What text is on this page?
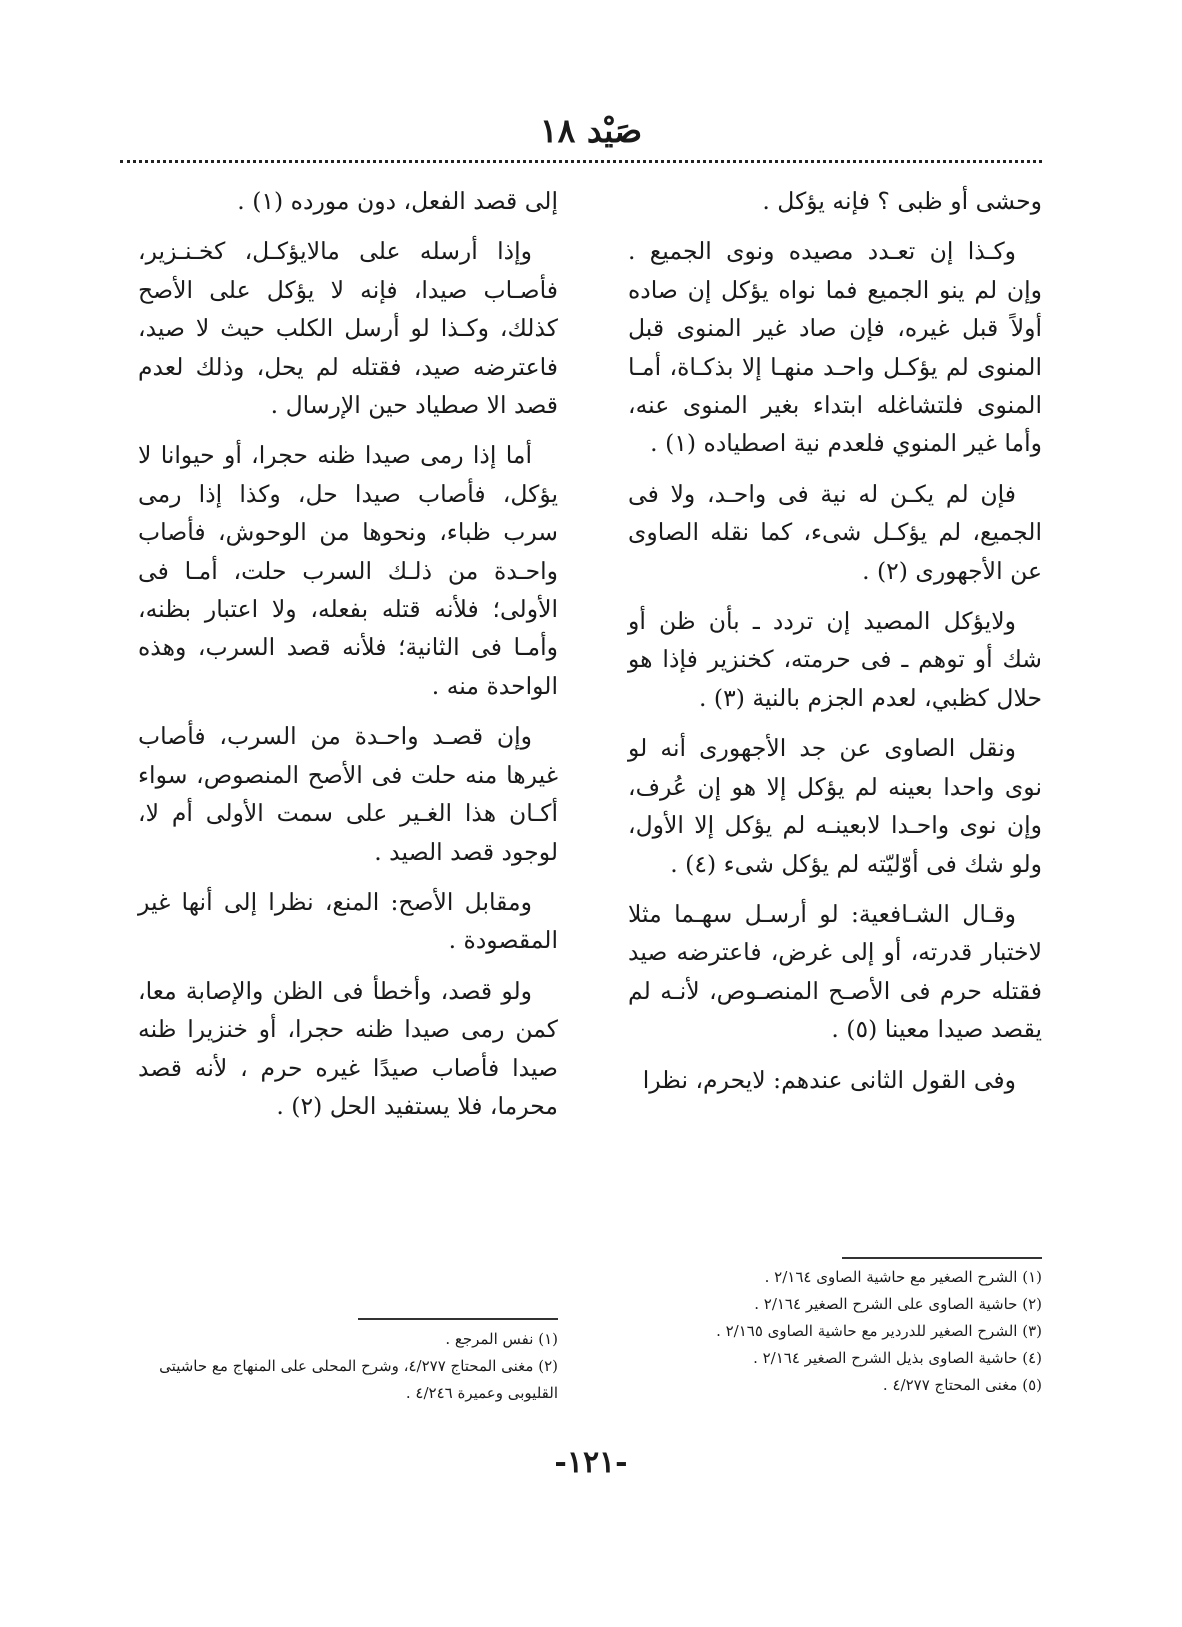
صَيْد ١٨

وحشى أو ظبى ؟ فإنه يؤكل .

وكـذا إن تعـدد مصيده ونوى الجميع . وإن لم ينو الجميع فما نواه يؤكل إن صاده أولاً قبل غيره، فإن صاد غير المنوى قبل المنوى لم يؤكـل واحـد منهـا إلا بذكـاة، أمـا المنوى فلتشاغله ابتداء بغير المنوى عنه، وأما غير المنوي فلعدم نية اصطياده (١) .

فإن لم يكـن له نية فى واحـد، ولا فى الجميع، لم يؤكـل شىء، كما نقله الصاوى عن الأجهورى (٢) .

ولايؤكل المصيد إن تردد ـ بأن ظن أو شك أو توهم ـ فى حرمته، كخنزير فإذا هو حلال كظبي، لعدم الجزم بالنية (٣) .

ونقل الصاوى عن جد الأجهورى أنه لو نوى واحدا بعينه لم يؤكل إلا هو إن عُرف، وإن نوى واحـدا لابعينـه لم يؤكل إلا الأول، ولو شك فى أوّليّته لم يؤكل شىء (٤) .

وقـال الشـافعية: لو أرسـل سهـما مثلا لاختبار قدرته، أو إلى غرض، فاعترضه صيد فقتله حرم فى الأصـح المنصـوص، لأنـه لم يقصد صيدا معينا (٥) .

وفى القول الثانى عندهم: لايحرم، نظرا

إلى قصد الفعل، دون مورده (١) .

وإذا أرسله على مالايؤكـل، كخـنـزير، فأصـاب صيدا، فإنه لا يؤكل على الأصح كذلك، وكـذا لو أرسل الكلب حيث لا صيد، فاعترضه صيد، فقتله لم يحل، وذلك لعدم قصد الا صطياد حين الإرسال .

أما إذا رمى صيدا ظنه حجرا، أو حيوانا لا يؤكل، فأصاب صيدا حل، وكذا إذا رمى سرب ظباء، ونحوها من الوحوش، فأصاب واحـدة من ذلـك السرب حلت، أمـا فى الأولى؛ فلأنه قتله بفعله، ولا اعتبار بظنه، وأمـا فى الثانية؛ فلأنه قصد السرب، وهذه الواحدة منه .

وإن قصـد واحـدة من السرب، فأصاب غيرها منه حلت فى الأصح المنصوص، سواء أكـان هذا الغـير على سمت الأولى أم لا، لوجود قصد الصيد .

ومقابل الأصح: المنع، نظرا إلى أنها غير المقصودة .

ولو قصد، وأخطأ فى الظن والإصابة معا، كمن رمى صيدا ظنه حجرا، أو خنزيرا ظنه صيدا فأصاب صيدًا غيره حرم ، لأنه قصد محرما، فلا يستفيد الحل (٢) .

(١) الشرح الصغير مع حاشية الصاوى ٢/١٦٤ .
(٢) حاشية الصاوى على الشرح الصغير ٢/١٦٤ .
(٣) الشرح الصغير للدردير مع حاشية الصاوى ٢/١٦٥ .
(٤) حاشية الصاوى بذيل الشرح الصغير ٢/١٦٤ .
(٥) مغنى المحتاج ٤/٢٧٧ .
(١) نفس المرجع .
(٢) مغنى المحتاج ٤/٢٧٧، وشرح المحلى على المنهاج مع حاشيتى القليوبى وعميرة ٤/٢٤٦ .
-١٢١-
